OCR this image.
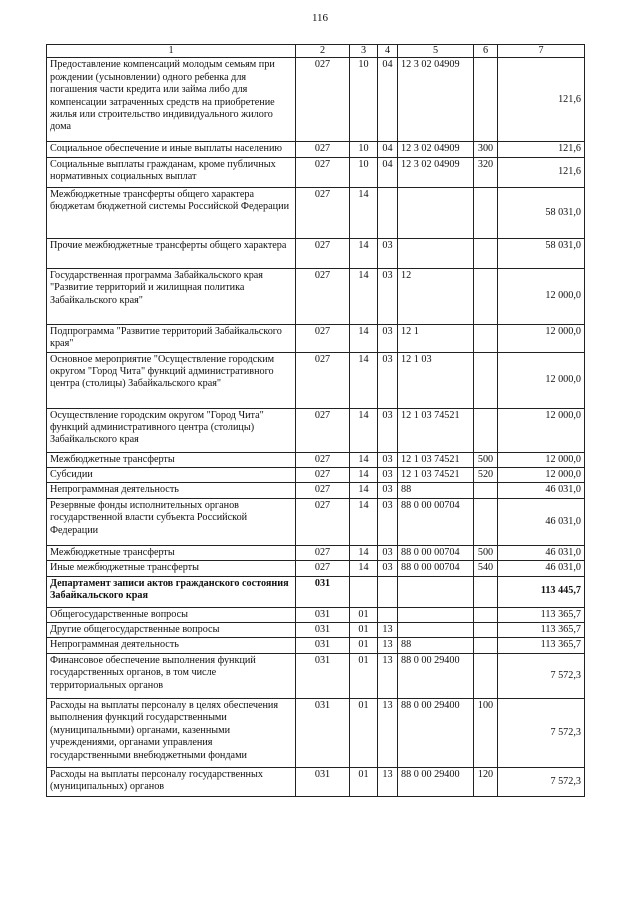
116
1	2	3	4	5	6	7
Предоставление компенсаций молодым семьям при рождении (усыновлении) одного ребенка для погашения части кредита или займа либо для компенсации затраченных средств на приобретение жилья или строительство индивидуального жилого дома	027	10	04	12 3 02 04909		121,6
Социальное обеспечение и иные выплаты населению	027	10	04	12 3 02 04909	300	121,6
Социальные выплаты гражданам, кроме публичных нормативных социальных выплат	027	10	04	12 3 02 04909	320	121,6
Межбюджетные трансферты общего характера бюджетам бюджетной системы Российской Федерации	027	14				58 031,0
Прочие межбюджетные трансферты общего характера	027	14	03			58 031,0
Государственная программа Забайкальского края "Развитие территорий и жилищная политика Забайкальского края"	027	14	03	12		12 000,0
Подпрограмма "Развитие территорий Забайкальского края"	027	14	03	12 1		12 000,0
Основное мероприятие "Осуществление городским округом "Город Чита" функций административного центра (столицы) Забайкальского края"	027	14	03	12 1 03		12 000,0
Осуществление городским округом "Город Чита" функций административного центра (столицы) Забайкальского края	027	14	03	12 1 03 74521		12 000,0
Межбюджетные трансферты	027	14	03	12 1 03 74521	500	12 000,0
Субсидии	027	14	03	12 1 03 74521	520	12 000,0
Непрограммная деятельность	027	14	03	88		46 031,0
Резервные фонды исполнительных органов государственной власти субъекта Российской Федерации	027	14	03	88 0 00 00704		46 031,0
Межбюджетные трансферты	027	14	03	88 0 00 00704	500	46 031,0
Иные межбюджетные трансферты	027	14	03	88 0 00 00704	540	46 031,0
Департамент записи актов гражданского состояния Забайкальского края	031					113 445,7
Общегосударственные вопросы	031	01				113 365,7
Другие общегосударственные вопросы	031	01	13			113 365,7
Непрограммная деятельность	031	01	13	88		113 365,7
Финансовое обеспечение выполнения функций государственных органов, в том числе территориальных органов	031	01	13	88 0 00 29400		7 572,3
Расходы на выплаты персоналу в целях обеспечения выполнения функций государственными (муниципальными) органами, казенными учреждениями, органами управления государственными внебюджетными фондами	031	01	13	88 0 00 29400	100	7 572,3
Расходы на выплаты персоналу государственных (муниципальных) органов	031	01	13	88 0 00 29400	120	7 572,3
